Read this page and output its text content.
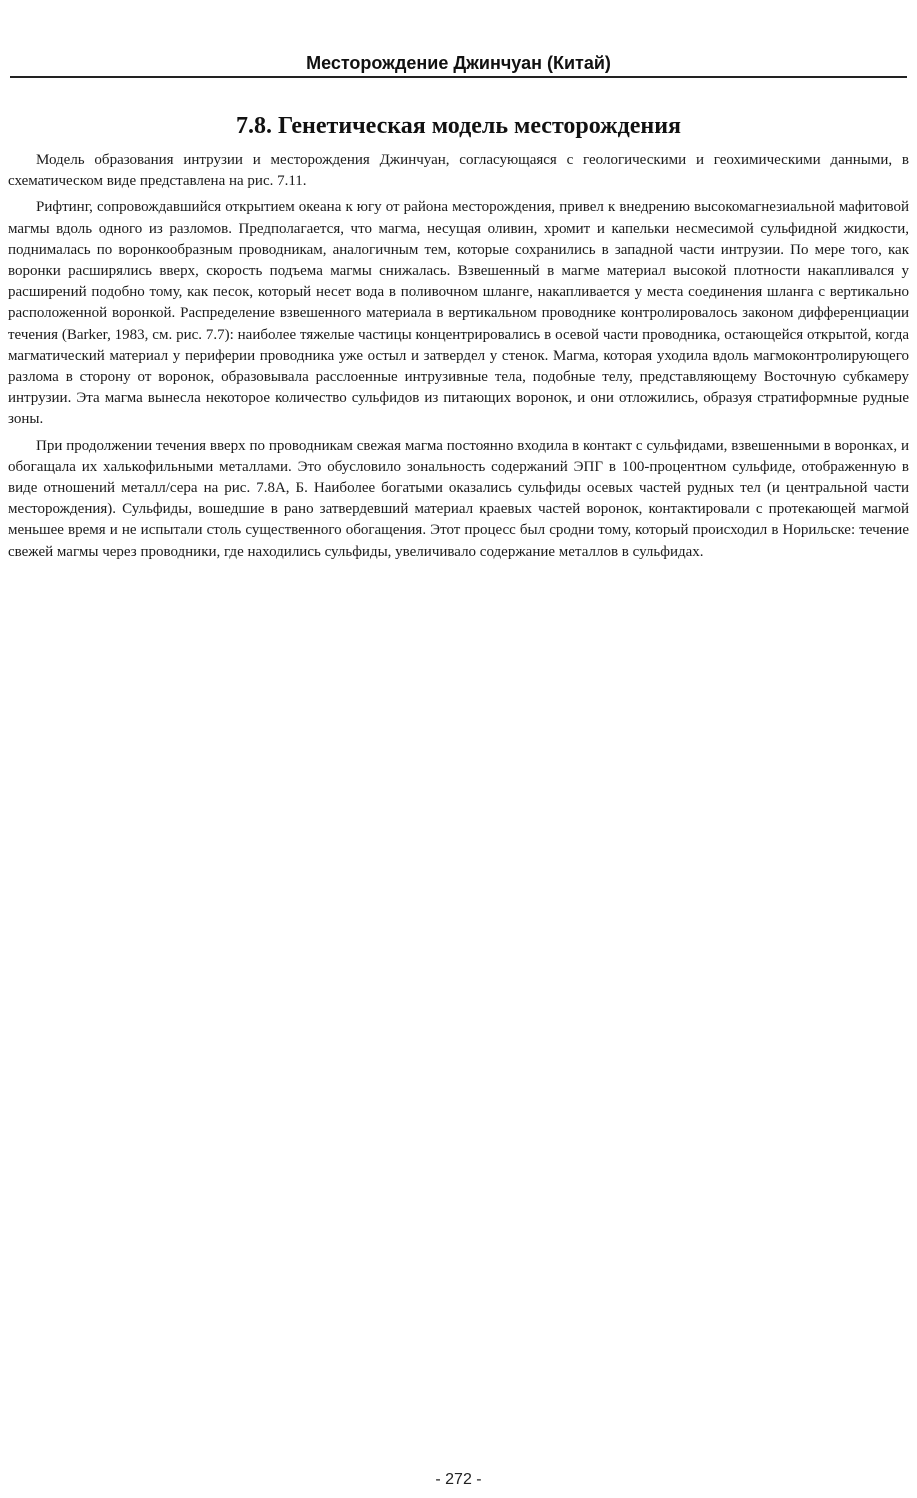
Месторождение Джинчуан (Китай)
7.8. Генетическая модель месторождения

Модель образования интрузии и месторождения Джинчуан, согласующаяся с геологическими и геохимическими данными, в схематическом виде представлена на рис. 7.11.

Рифтинг, сопровождавшийся открытием океана к югу от района месторождения, привел к внедрению высокомагнезиальной мафитовой магмы вдоль одного из разломов. Предполагается, что магма, несущая оливин, хромит и капельки несмесимой сульфидной жидкости, поднималась по воронкообразным проводникам, аналогичным тем, которые сохранились в западной части интрузии. По мере того, как воронки расширялись вверх, скорость подъема магмы снижалась. Взвешенный в магме материал высокой плотности накапливался у расширений подобно тому, как песок, который несет вода в поливочном шланге, накапливается у места соединения шланга с вертикально расположенной воронкой. Распределение взвешенного материала в вертикальном проводнике контролировалось законом дифференциации течения (Barker, 1983, см. рис. 7.7): наиболее тяжелые частицы концентрировались в осевой части проводника, остающейся открытой, когда магматический материал у периферии проводника уже остыл и затвердел у стенок. Магма, которая уходила вдоль магмоконтролирующего разлома в сторону от воронок, образовывала расслоенные интрузивные тела, подобные телу, представляющему Восточную субкамеру интрузии. Эта магма вынесла некоторое количество сульфидов из питающих воронок, и они отложились, образуя стратиформные рудные зоны.

При продолжении течения вверх по проводникам свежая магма постоянно входила в контакт с сульфидами, взвешенными в воронках, и обогащала их халькофильными металлами. Это обусловило зональность содержаний ЭПГ в 100-процентном сульфиде, отображенную в виде отношений металл/сера на рис. 7.8А, Б. Наиболее богатыми оказались сульфиды осевых частей рудных тел (и центральной части месторождения). Сульфиды, вошедшие в рано затвердевший материал краевых частей воронок, контактировали с протекающей магмой меньшее время и не испытали столь существенного обогащения. Этот процесс был сродни тому, который происходил в Норильске: течение свежей магмы через проводники, где находились сульфиды, увеличивало содержание металлов в сульфидах.

- 272 -
